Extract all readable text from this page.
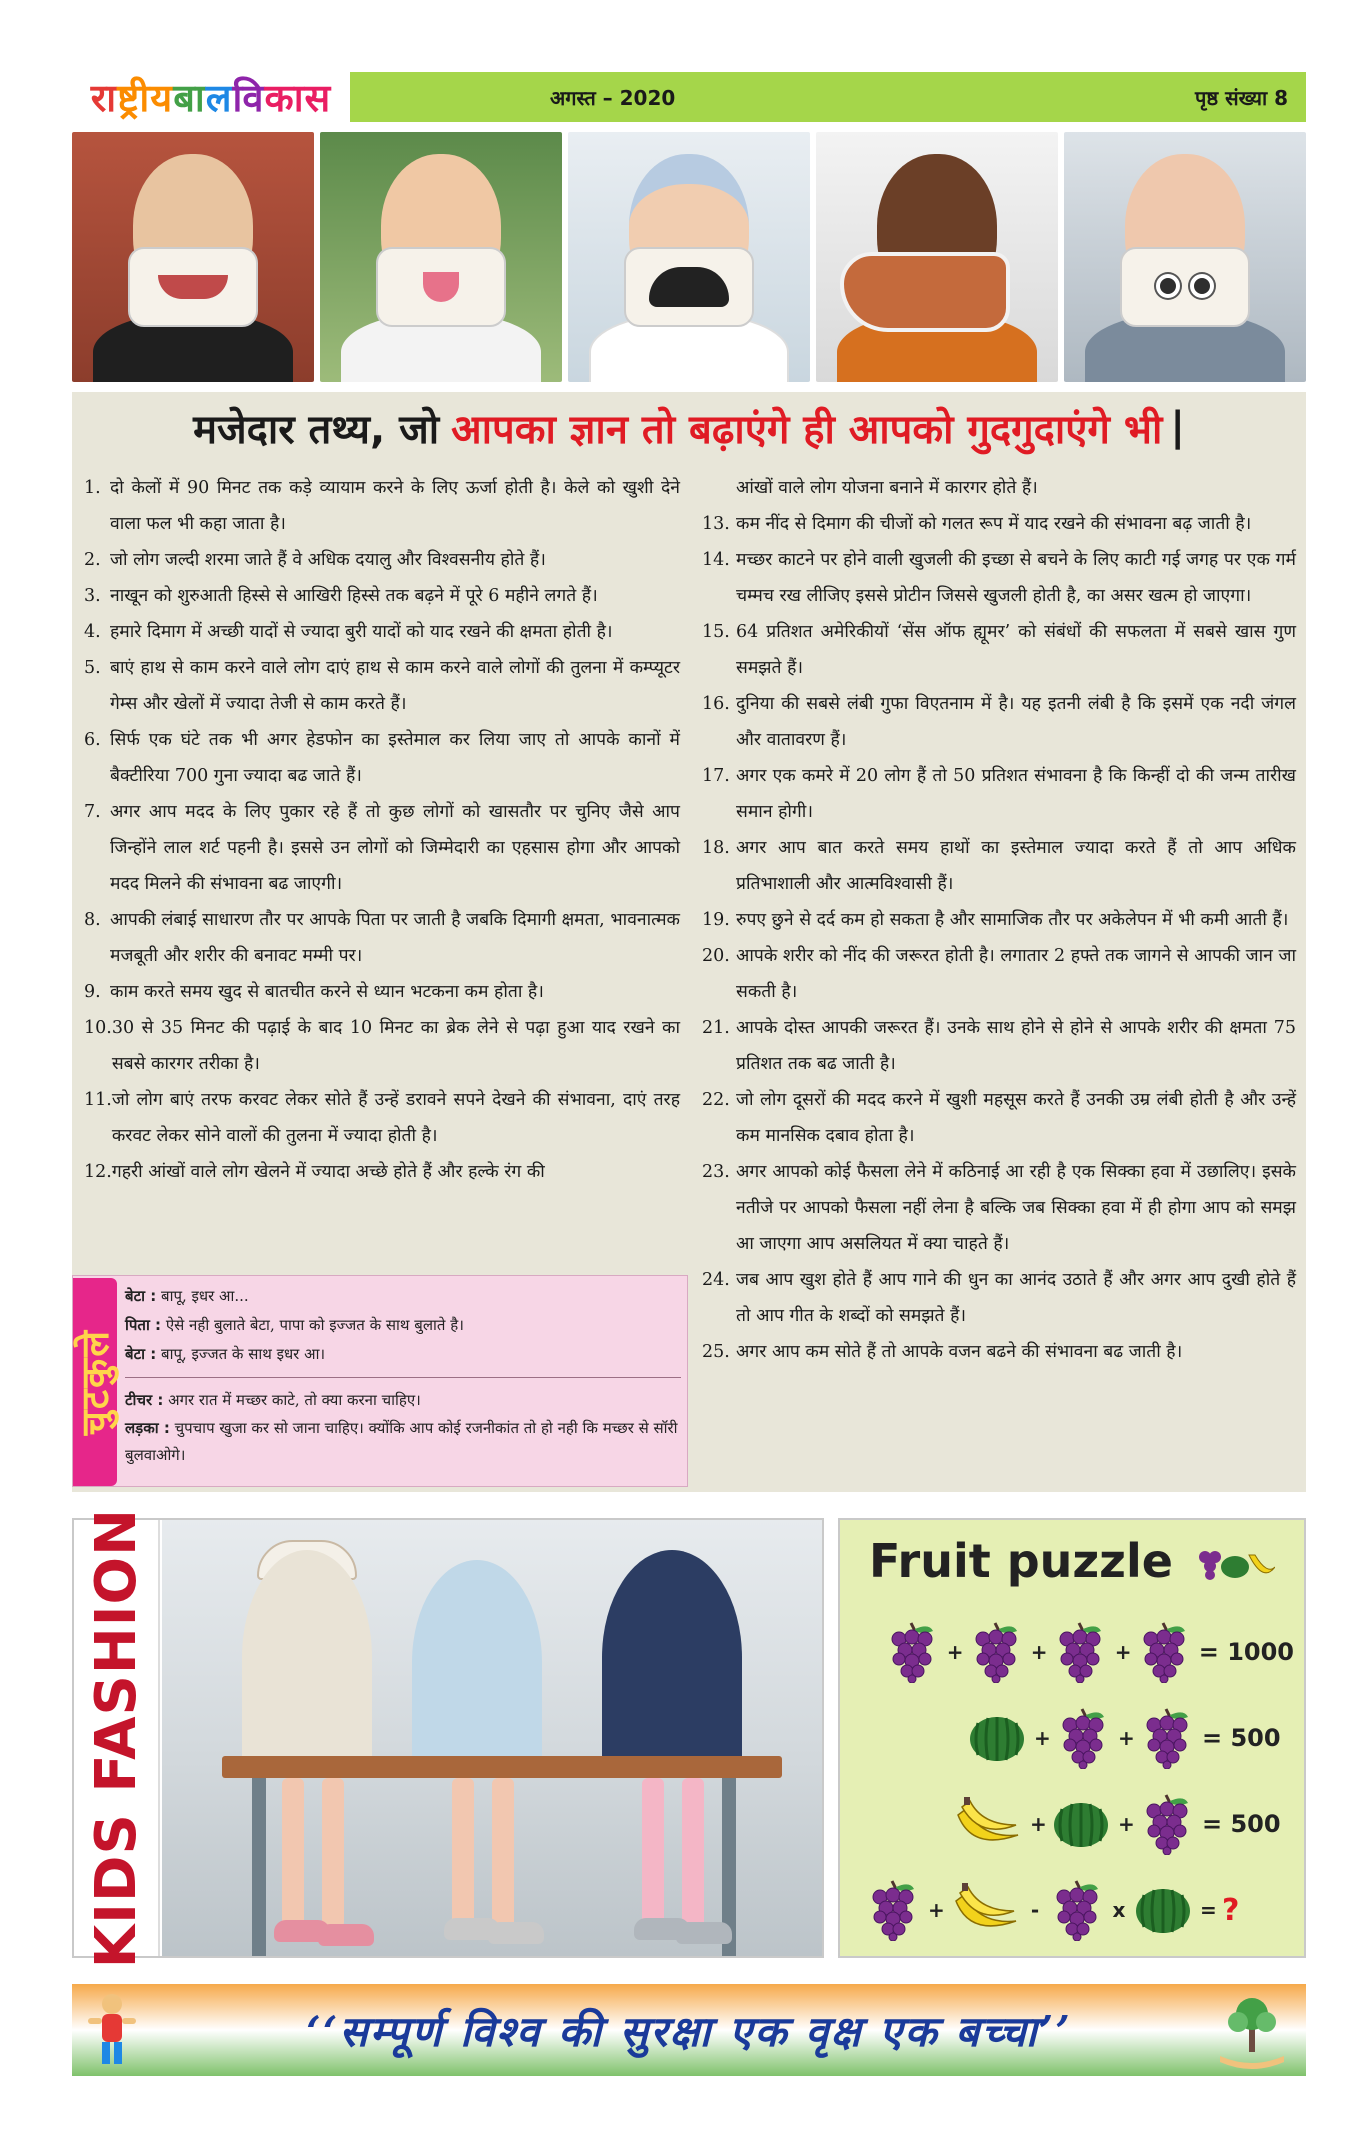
रा ष्ट्रीय बा ल वि कास	अगस्त – 2020	पृष्ठ संख्या 8
मजेदार तथ्य, जो आपका ज्ञान तो बढ़ाएंगे ही आपको गुदगुदाएंगे भी |
1. दो केलों में 90 मिनट तक कड़े व्यायाम करने के लिए ऊर्जा होती है। केले को खुशी देने वाला फल भी कहा जाता है।
2. जो लोग जल्दी शरमा जाते हैं वे अधिक दयालु और विश्वसनीय होते हैं।
3. नाखून को शुरुआती हिस्से से आखिरी हिस्से तक बढ़ने में पूरे 6 महीने लगते हैं।
4. हमारे दिमाग में अच्छी यादों से ज्यादा बुरी यादों को याद रखने की क्षमता होती है।
5. बाएं हाथ से काम करने वाले लोग दाएं हाथ से काम करने वाले लोगों की तुलना में कम्प्यूटर गेम्स और खेलों में ज्यादा तेजी से काम करते हैं।
6. सिर्फ एक घंटे तक भी अगर हेडफोन का इस्तेमाल कर लिया जाए तो आपके कानों में बैक्टीरिया 700 गुना ज्यादा बढ जाते हैं।
7. अगर आप मदद के लिए पुकार रहे हैं तो कुछ लोगों को खासतौर पर चुनिए जैसे आप जिन्होंने लाल शर्ट पहनी है। इससे उन लोगों को जिम्मेदारी का एहसास होगा और आपको मदद मिलने की संभावना बढ जाएगी।
8. आपकी लंबाई साधारण तौर पर आपके पिता पर जाती है जबकि दिमागी क्षमता, भावनात्मक मजबूती और शरीर की बनावट मम्मी पर।
9. काम करते समय खुद से बातचीत करने से ध्यान भटकना कम होता है।
10. 30 से 35 मिनट की पढ़ाई के बाद 10 मिनट का ब्रेक लेने से पढ़ा हुआ याद रखने का सबसे कारगर तरीका है।
11. जो लोग बाएं तरफ करवट लेकर सोते हैं उन्हें डरावने सपने देखने की संभावना, दाएं तरह करवट लेकर सोने वालों की तुलना में ज्यादा होती है।
12. गहरी आंखों वाले लोग खेलने में ज्यादा अच्छे होते हैं और हल्के रंग की
आंखों वाले लोग योजना बनाने में कारगर होते हैं।
13. कम नींद से दिमाग की चीजों को गलत रूप में याद रखने की संभावना बढ़ जाती है।
14. मच्छर काटने पर होने वाली खुजली की इच्छा से बचने के लिए काटी गई जगह पर एक गर्म चम्मच रख लीजिए इससे प्रोटीन जिससे खुजली होती है, का असर खत्म हो जाएगा।
15. 64 प्रतिशत अमेरिकीयों ‘सेंस ऑफ ह्यूमर’ को संबंधों की सफलता में सबसे खास गुण समझते हैं।
16. दुनिया की सबसे लंबी गुफा विएतनाम में है। यह इतनी लंबी है कि इसमें एक नदी जंगल और वातावरण हैं।
17. अगर एक कमरे में 20 लोग हैं तो 50 प्रतिशत संभावना है कि किन्हीं दो की जन्म तारीख समान होगी।
18. अगर आप बात करते समय हाथों का इस्तेमाल ज्यादा करते हैं तो आप अधिक प्रतिभाशाली और आत्मविश्वासी हैं।
19. रुपए छुने से दर्द कम हो सकता है और सामाजिक तौर पर अकेलेपन में भी कमी आती हैं।
20. आपके शरीर को नींद की जरूरत होती है। लगातार 2 हफ्ते तक जागने से आपकी जान जा सकती है।
21. आपके दोस्त आपकी जरूरत हैं। उनके साथ होने से होने से आपके शरीर की क्षमता 75 प्रतिशत तक बढ जाती है।
22. जो लोग दूसरों की मदद करने में खुशी महसूस करते हैं उनकी उम्र लंबी होती है और उन्हें कम मानसिक दबाव होता है।
23. अगर आपको कोई फैसला लेने में कठिनाई आ रही है एक सिक्का हवा में उछालिए। इसके नतीजे पर आपको फैसला नहीं लेना है बल्कि जब सिक्का हवा में ही होगा आप को समझ आ जाएगा आप असलियत में क्या चाहते हैं।
24. जब आप खुश होते हैं आप गाने की धुन का आनंद उठाते हैं और अगर आप दुखी होते हैं तो आप गीत के शब्दों को समझते हैं।
25. अगर आप कम सोते हैं तो आपके वजन बढने की संभावना बढ जाती है।
चुटकुले
बेटा : बापू, इधर आ...
पिता : ऐसे नही बुलाते बेटा, पापा को इज्जत के साथ बुलाते है।
बेटा : बापू, इज्जत के साथ इधर आ।
टीचर : अगर रात में मच्छर काटे, तो क्या करना चाहिए।
लड़का : चुपचाप खुजा कर सो जाना चाहिए। क्योंकि आप कोई रजनीकांत तो हो नही कि मच्छर से सॉरी बुलवाओगे।
KIDS FASHION	Fruit puzzle
+	+	+	= 1000
+	+	= 500
+	+	= 500
+	-	x	= ?
‘‘सम्पूर्ण विश्व की सुरक्षा एक वृक्ष एक बच्चा’’
